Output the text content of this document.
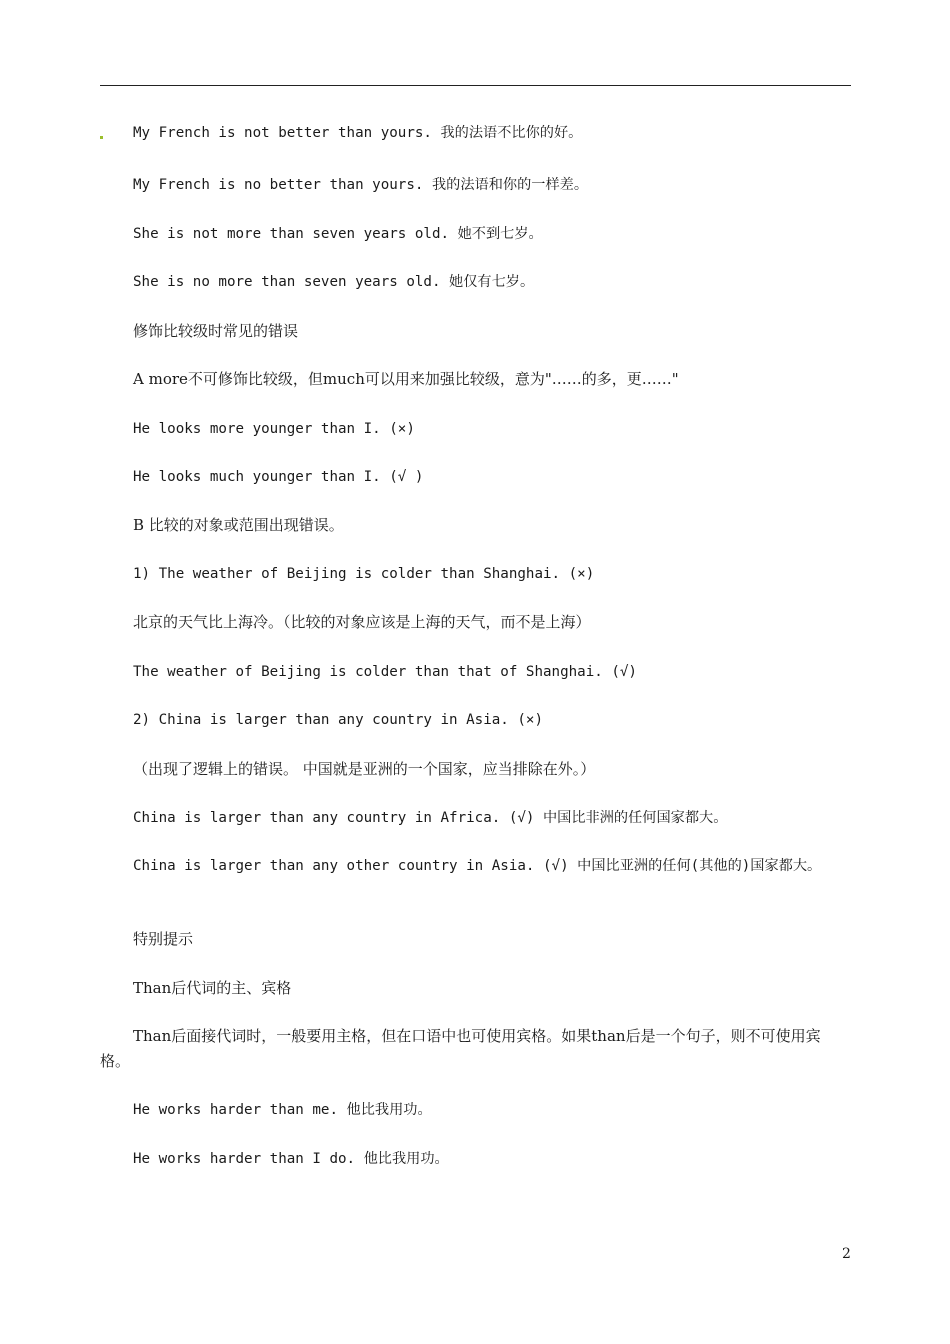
My French is not better than yours. 我的法语不比你的好。
My French is no better than yours. 我的法语和你的一样差。
She is not more than seven years old. 她不到七岁。
She is no more than seven years old. 她仅有七岁。
修饰比较级时常见的错误
A more不可修饰比较级，但much可以用来加强比较级，意为"……的多，更……"
He looks more younger than I. (×)
He looks much younger than I. (√ )
B 比较的对象或范围出现错误。
1) The weather of Beijing is colder than Shanghai. (×)
北京的天气比上海冷。（比较的对象应该是上海的天气，而不是上海）
The weather of Beijing is colder than that of Shanghai. (√)
2) China is larger than any country in Asia. (×)
（出现了逻辑上的错误。 中国就是亚洲的一个国家，应当排除在外。）
China is larger than any country in Africa. (√) 中国比非洲的任何国家都大。
China is larger than any other country in Asia. (√) 中国比亚洲的任何(其他的)国家都大。
特别提示
Than后代词的主、宾格
Than后面接代词时，一般要用主格，但在口语中也可使用宾格。如果than后是一个句子，则不可使用宾格。
He works harder than me. 他比我用功。
He works harder than I do. 他比我用功。
2
